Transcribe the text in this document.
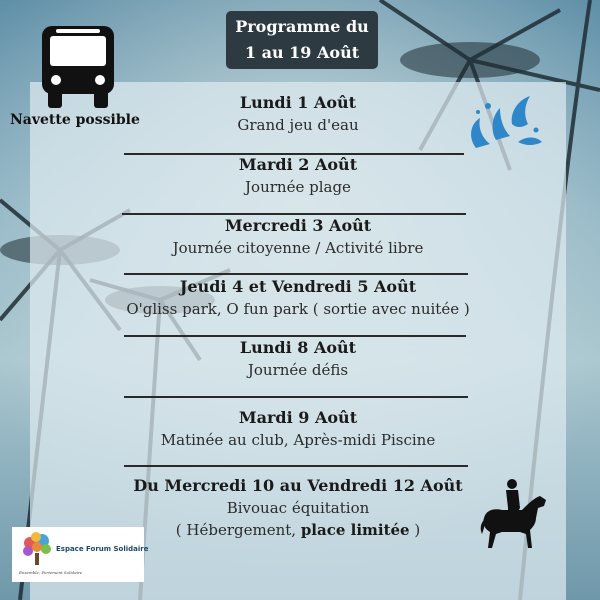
Programme du
1 au 19 Août
Navette possible
Lundi 1 Août
Grand jeu d'eau
Mardi 2 Août
Journée plage
Mercredi 3 Août
Journée citoyenne / Activité libre
Jeudi 4 et Vendredi 5 Août
O'gliss park, O fun park ( sortie avec nuitée )
Lundi 8 Août
Journée défis
Mardi 9 Août
Matinée au club, Après-midi Piscine
Du Mercredi 10 au Vendredi 12 Août
Bivouac équitation
( Hébergement, place limitée )
Espace Forum Solidaire
Ensemble, Fortement Solidaire
